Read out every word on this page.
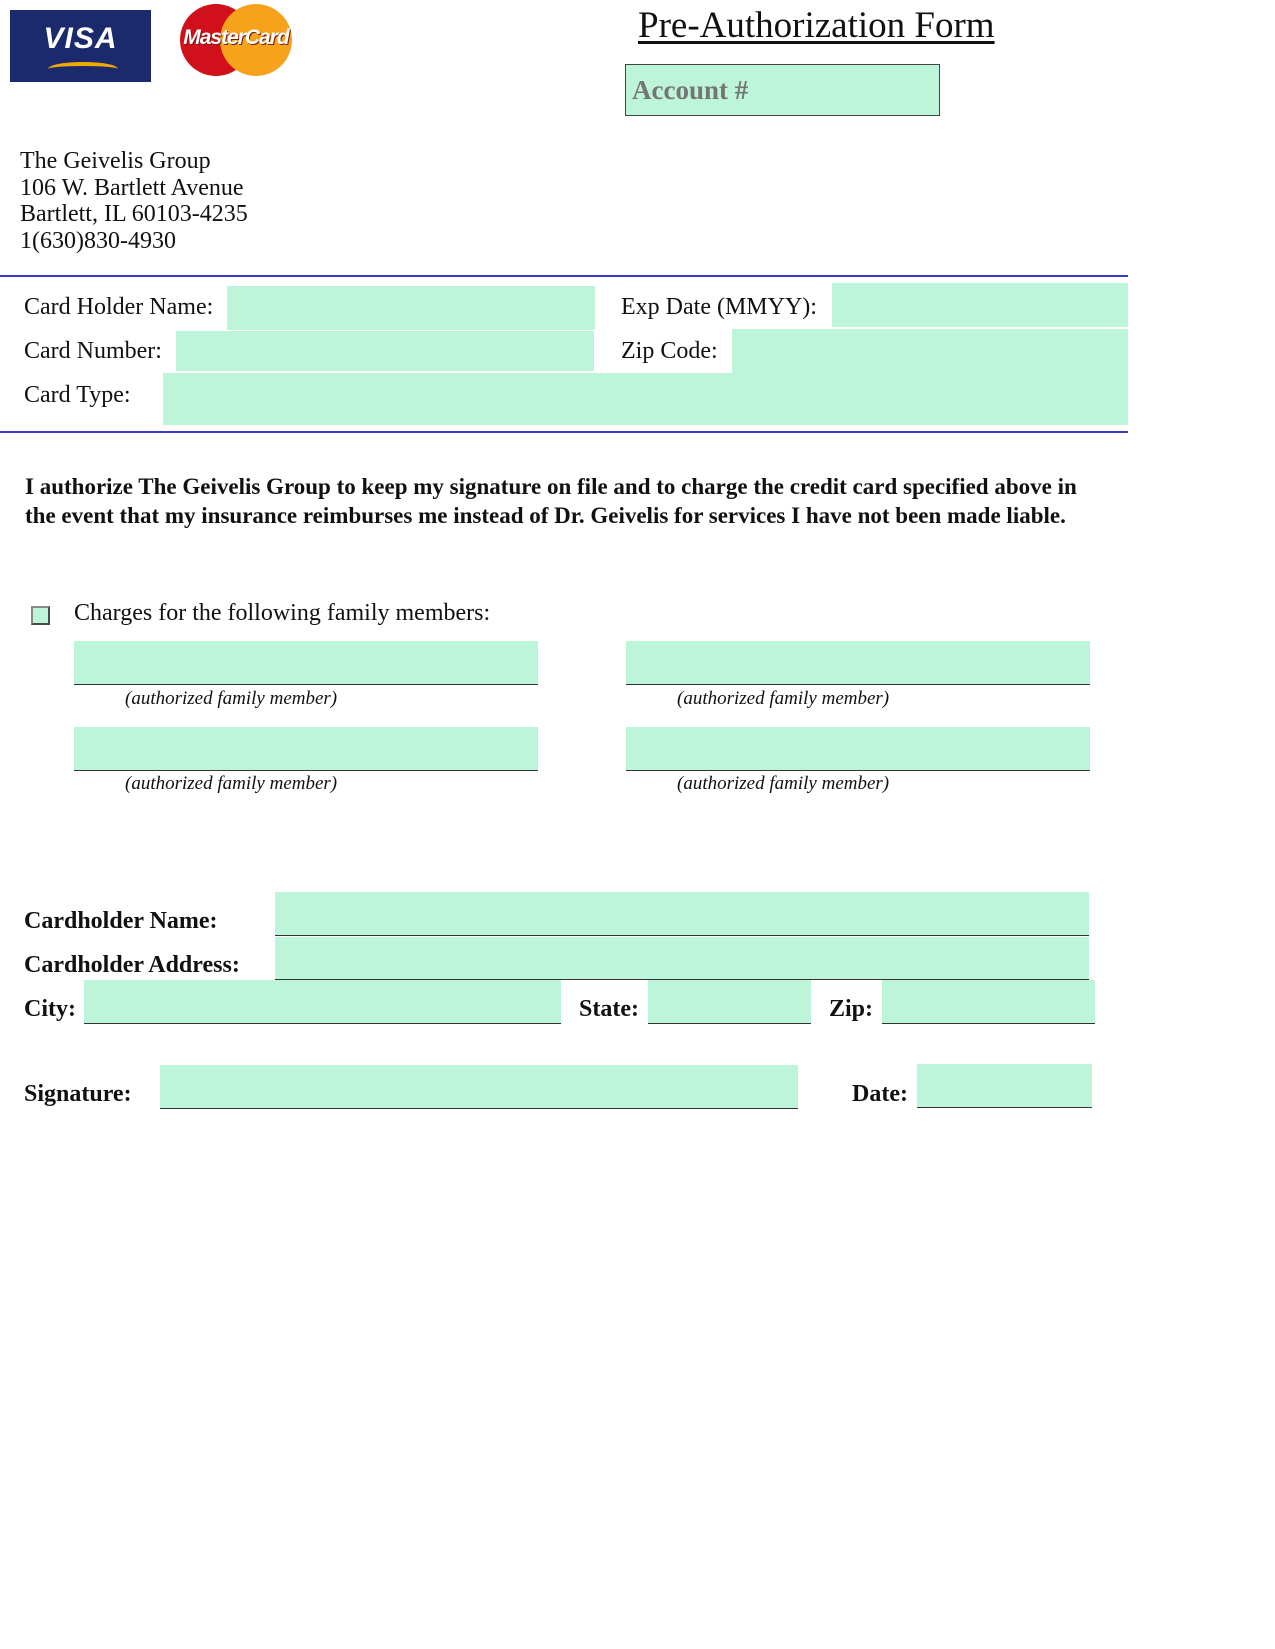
VISA	MasterCard	Pre-Authorization Form
Account #
The Geivelis Group
106 W. Bartlett Avenue
Bartlett, IL 60103-4235
1(630)830-4930
Card Holder Name:	Exp Date (MMYY):
Card Number:	Zip Code:
Card Type:
I authorize The Geivelis Group to keep my signature on file and to charge the credit card specified above in the event that my insurance reimburses me instead of Dr. Geivelis for services I have not been made liable.
Charges for the following family members:
(authorized family member)	(authorized family member)
(authorized family member)	(authorized family member)
Cardholder Name:
Cardholder Address:
City:	State:	Zip:
Signature:	Date:
